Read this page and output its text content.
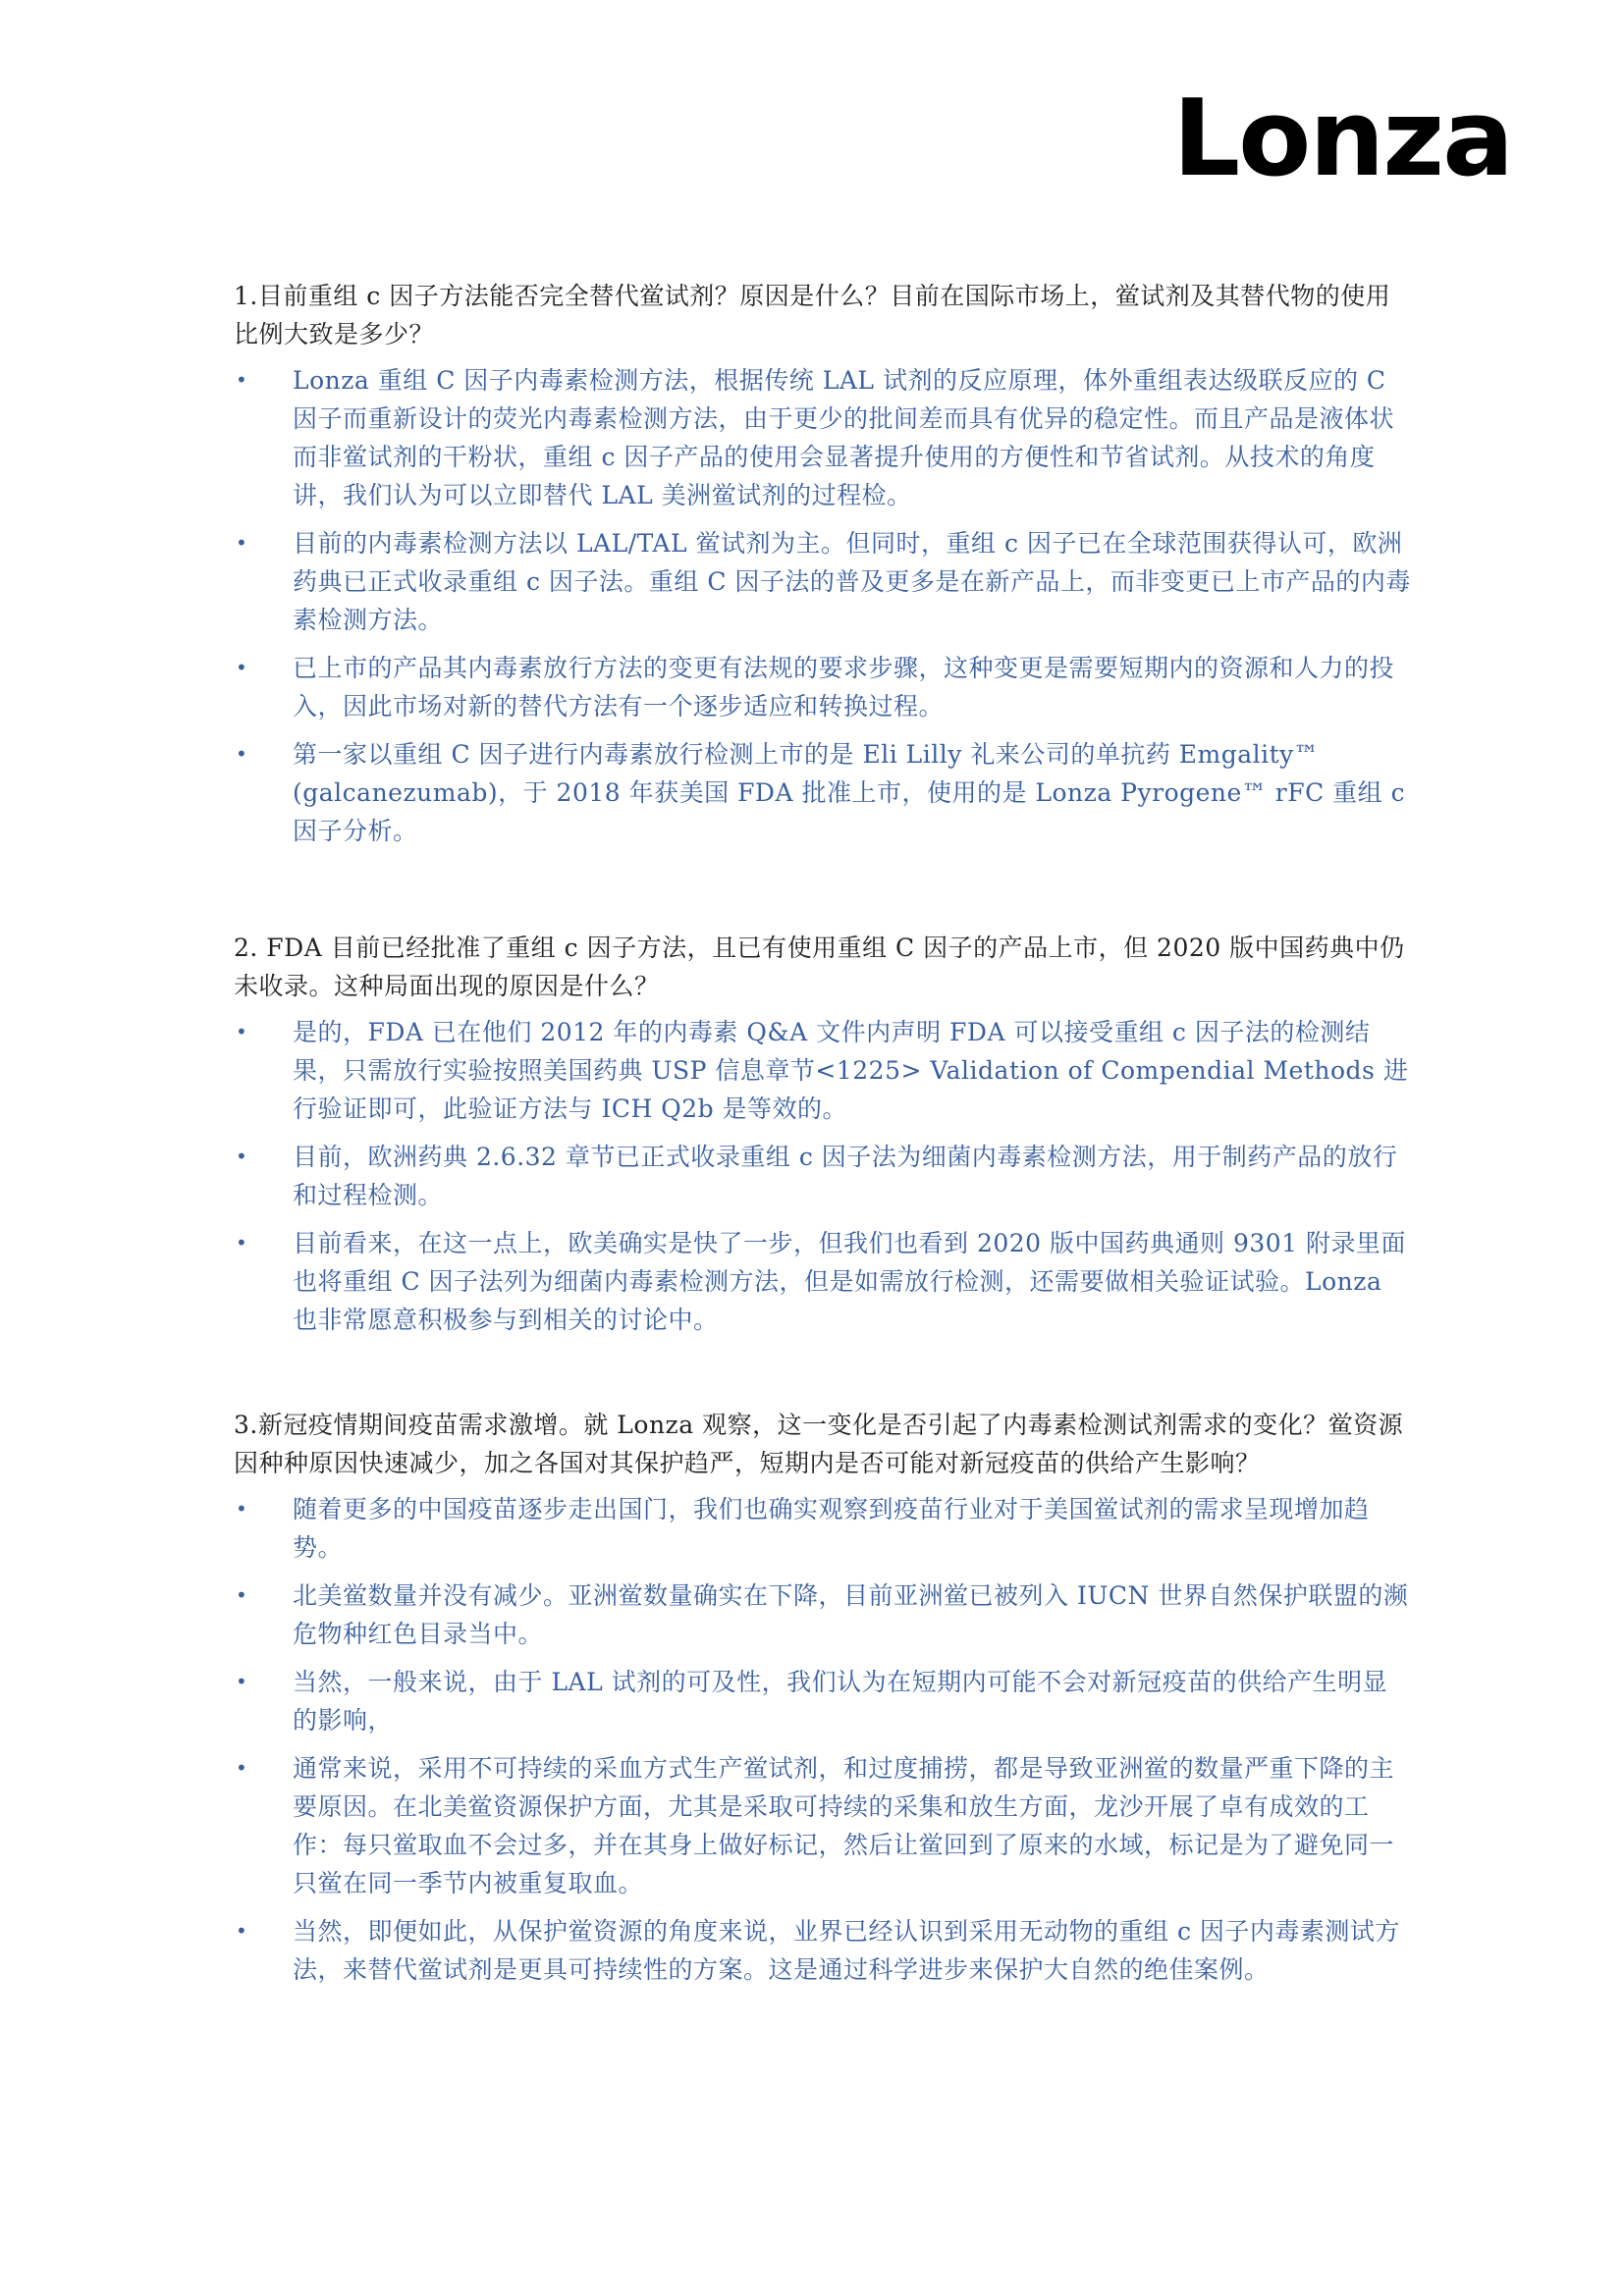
Lonza

1.目前重组 c 因子方法能否完全替代鲎试剂？原因是什么？目前在国际市场上，鲎试剂及其替代物的使用比例大致是多少？

• Lonza 重组 C 因子内毒素检测方法，根据传统 LAL 试剂的反应原理，体外重组表达级联反应的 C 因子而重新设计的荧光内毒素检测方法，由于更少的批间差而具有优异的稳定性。而且产品是液体状而非鲎试剂的干粉状，重组 c 因子产品的使用会显著提升使用的方便性和节省试剂。从技术的角度讲，我们认为可以立即替代 LAL 美洲鲎试剂的过程检。
• 目前的内毒素检测方法以 LAL/TAL 鲎试剂为主。但同时，重组 c 因子已在全球范围获得认可，欧洲药典已正式收录重组 c 因子法。重组 C 因子法的普及更多是在新产品上，而非变更已上市产品的内毒素检测方法。
• 已上市的产品其内毒素放行方法的变更有法规的要求步骤，这种变更是需要短期内的资源和人力的投入，因此市场对新的替代方法有一个逐步适应和转换过程。
• 第一家以重组 C 因子进行内毒素放行检测上市的是 Eli Lilly 礼来公司的单抗药 Emgality™ (galcanezumab)，于 2018 年获美国 FDA 批准上市，使用的是 Lonza Pyrogene™ rFC 重组 c 因子分析。

2. FDA 目前已经批准了重组 c 因子方法，且已有使用重组 C 因子的产品上市，但 2020 版中国药典中仍未收录。这种局面出现的原因是什么？

• 是的，FDA 已在他们 2012 年的内毒素 Q&A 文件内声明 FDA 可以接受重组 c 因子法的检测结果，只需放行实验按照美国药典 USP 信息章节<1225> Validation of Compendial Methods 进行验证即可，此验证方法与 ICH Q2b 是等效的。
• 目前，欧洲药典 2.6.32 章节已正式收录重组 c 因子法为细菌内毒素检测方法，用于制药产品的放行和过程检测。
• 目前看来，在这一点上，欧美确实是快了一步，但我们也看到 2020 版中国药典通则 9301 附录里面也将重组 C 因子法列为细菌内毒素检测方法，但是如需放行检测，还需要做相关验证试验。Lonza 也非常愿意积极参与到相关的讨论中。

3.新冠疫情期间疫苗需求激增。就 Lonza 观察，这一变化是否引起了内毒素检测试剂需求的变化？鲎资源因种种原因快速减少，加之各国对其保护趋严，短期内是否可能对新冠疫苗的供给产生影响？

• 随着更多的中国疫苗逐步走出国门，我们也确实观察到疫苗行业对于美国鲎试剂的需求呈现增加趋势。
• 北美鲎数量并没有减少。亚洲鲎数量确实在下降，目前亚洲鲎已被列入 IUCN 世界自然保护联盟的濒危物种红色目录当中。
• 当然，一般来说，由于 LAL 试剂的可及性，我们认为在短期内可能不会对新冠疫苗的供给产生明显的影响，
• 通常来说，采用不可持续的采血方式生产鲎试剂，和过度捕捞，都是导致亚洲鲎的数量严重下降的主要原因。在北美鲎资源保护方面，尤其是采取可持续的采集和放生方面，龙沙开展了卓有成效的工作：每只鲎取血不会过多，并在其身上做好标记，然后让鲎回到了原来的水域，标记是为了避免同一只鲎在同一季节内被重复取血。
• 当然，即便如此，从保护鲎资源的角度来说，业界已经认识到采用无动物的重组 c 因子内毒素测试方法，来替代鲎试剂是更具可持续性的方案。这是通过科学进步来保护大自然的绝佳案例。
